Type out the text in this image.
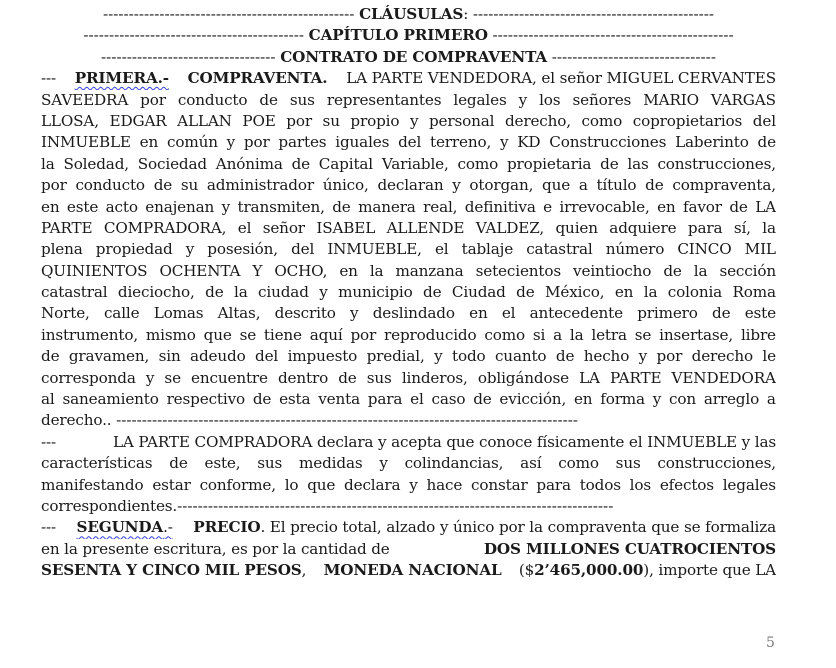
------------------------------------------------- CLÁUSULAS: -----------------------------------------------
------------------------------------------- CAPÍTULO PRIMERO -----------------------------------------------
---------------------------------- CONTRATO DE COMPRAVENTA --------------------------------
--- PRIMERA.- COMPRAVENTA. LA PARTE VENDEDORA, el señor MIGUEL CERVANTES
SAVEEDRA por conducto de sus representantes legales y los señores MARIO VARGAS
LLOSA, EDGAR ALLAN POE por su propio y personal derecho, como copropietarios del
INMUEBLE en común y por partes iguales del terreno, y KD Construcciones Laberinto de
la Soledad, Sociedad Anónima de Capital Variable, como propietaria de las construcciones,
por conducto de su administrador único, declaran y otorgan, que a título de compraventa,
en este acto enajenan y transmiten, de manera real, definitiva e irrevocable, en favor de LA
PARTE COMPRADORA, el señor ISABEL ALLENDE VALDEZ, quien adquiere para sí, la
plena propiedad y posesión, del INMUEBLE, el tablaje catastral número CINCO MIL
QUINIENTOS OCHENTA Y OCHO, en la manzana setecientos veintiocho de la sección
catastral dieciocho, de la ciudad y municipio de Ciudad de México, en la colonia Roma
Norte, calle Lomas Altas, descrito y deslindado en el antecedente primero de este
instrumento, mismo que se tiene aquí por reproducido como si a la letra se insertase, libre
de gravamen, sin adeudo del impuesto predial, y todo cuanto de hecho y por derecho le
corresponda y se encuentre dentro de sus linderos, obligándose LA PARTE VENDEDORA
al saneamiento respectivo de esta venta para el caso de evicción, en forma y con arreglo a
derecho.. ------------------------------------------------------------------------------------------
---	LA PARTE COMPRADORA declara y acepta que conoce físicamente el INMUEBLE y las
características de este, sus medidas y colindancias, así como sus construcciones,
manifestando estar conforme, lo que declara y hace constar para todos los efectos legales
correspondientes.-------------------------------------------------------------------------------------
--- SEGUNDA.- PRECIO. El precio total, alzado y único por la compraventa que se formaliza
en la presente escritura, es por la cantidad de	DOS MILLONES CUATROCIENTOS
SESENTA Y CINCO MIL PESOS, MONEDA NACIONAL ($2’465,000.00), importe que LA
5
